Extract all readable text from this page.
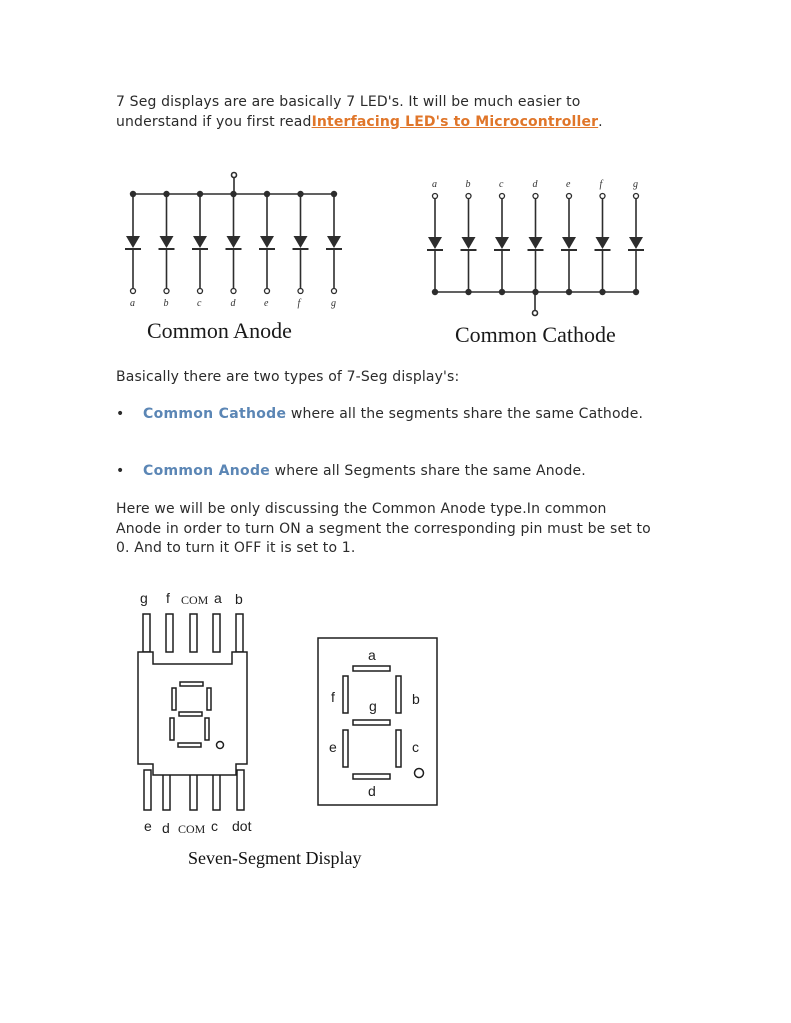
7 Seg displays are are basically 7 LED's. It will be much easier to understand if you first readInterfacing LED's to Microcontroller.

a	b	c	d	e	f	g
Common Anode
a	b	c	d	e	f	g
Common Cathode

Basically there are two types of 7-Seg display's:

• Common Cathode where all the segments share the same Cathode.

• Common Anode where all Segments share the same Anode.

Here we will be only discussing the Common Anode type.In common Anode in order to turn ON a segment the corresponding pin must be set to 0. And to turn it OFF it is set to 1.

g f COM a b
e d COM c dot
a
b
c
d
e
f
g
Seven-Segment Display
